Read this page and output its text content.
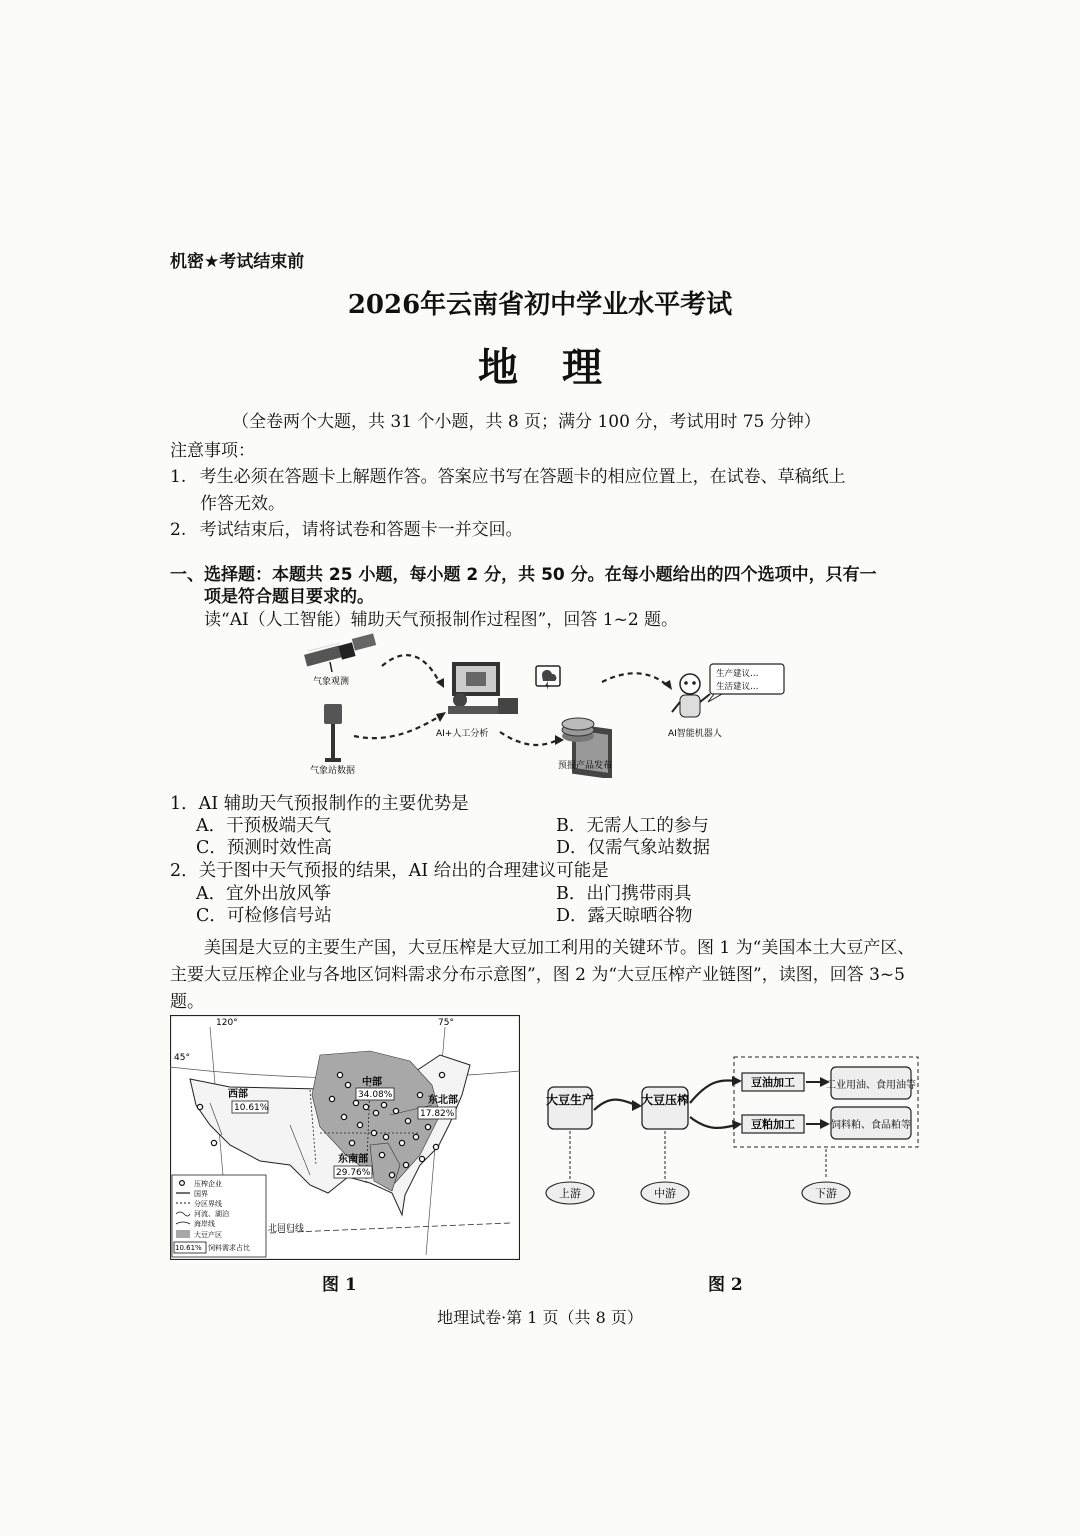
机密★考试结束前
2026年云南省初中学业水平考试
地理
（全卷两个大题，共 31 个小题，共 8 页；满分 100 分，考试用时 75 分钟）
注意事项：
1. 考生必须在答题卡上解题作答。答案应书写在答题卡的相应位置上，在试卷、草稿纸上
作答无效。
2. 考试结束后，请将试卷和答题卡一并交回。
一、选择题：本题共 25 小题，每小题 2 分，共 50 分。在每小题给出的四个选项中，只有一
项是符合题目要求的。
读“AI（人工智能）辅助天气预报制作过程图”，回答 1~2 题。
气象观测
气象站数据
AI+人工分析
预报产品发布
AI智能机器人
生产建议…
生活建议…
1．AI 辅助天气预报制作的主要优势是
A．干预极端天气	B．无需人工的参与
C．预测时效性高	D．仅需气象站数据
2．关于图中天气预报的结果，AI 给出的合理建议可能是
A．宜外出放风筝	B．出门携带雨具
C．可检修信号站	D．露天晾晒谷物
美国是大豆的主要生产国，大豆压榨是大豆加工利用的关键环节。图 1 为“美国本土大豆产区、主要大豆压榨企业与各地区饲料需求分布示意图”，图 2 为“大豆压榨产业链图”，读图，回答 3~5 题。
120°	75°
45°
北回归线
西部
10.61%
中部
34.08%	东北部
17.82%
东南部
29.76%
压榨企业
国界
分区界线
河流、湖泊
海岸线
大豆产区
10.61% 饲料需求占比
大豆生产	大豆压榨
豆油加工
豆粕加工
工业用油、食用油等
饲料粕、食品粕等
上游	中游	下游
图 1	图 2
地理试卷·第 1 页（共 8 页）
